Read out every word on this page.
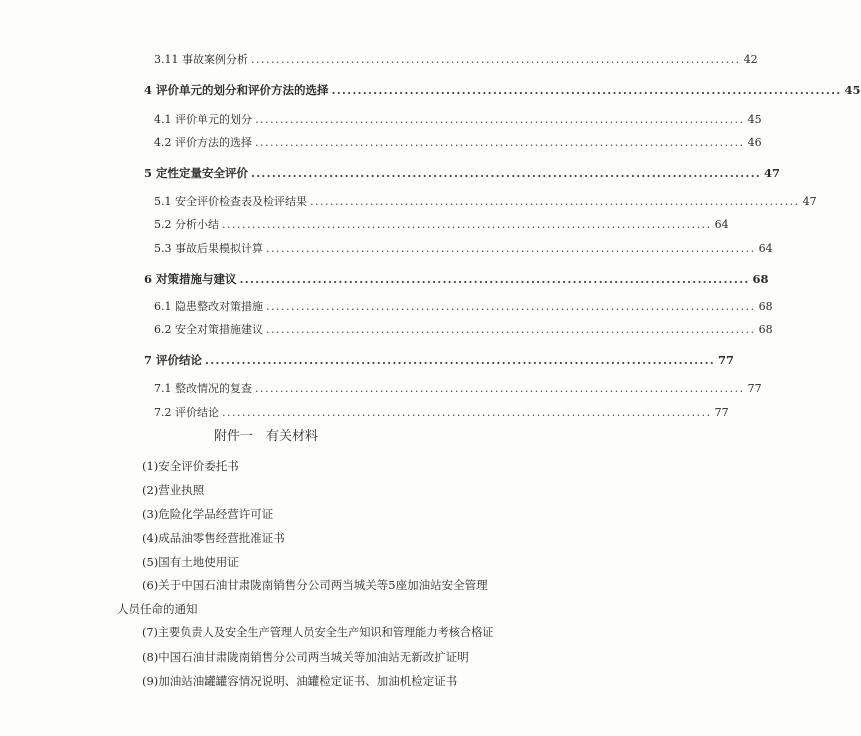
3.11 事故案例分析 .................................................................................................. 42
4 评价单元的划分和评价方法的选择 .................................................................................................. 45
4.1 评价单元的划分 .................................................................................................. 45
4.2 评价方法的选择 .................................................................................................. 46
5 定性定量安全评价 .................................................................................................. 47
5.1 安全评价检查表及检评结果 .................................................................................................. 47
5.2 分析小结 .................................................................................................. 64
5.3 事故后果模拟计算 .................................................................................................. 64
6 对策措施与建议 .................................................................................................. 68
6.1 隐患整改对策措施 .................................................................................................. 68
6.2 安全对策措施建议 .................................................................................................. 68
7 评价结论 .................................................................................................. 77
7.1 整改情况的复查 .................................................................................................. 77
7.2 评价结论 .................................................................................................. 77
附件一　有关材料
(1)安全评价委托书
(2)营业执照
(3)危险化学品经营许可证
(4)成品油零售经营批准证书
(5)国有土地使用证
(6)关于中国石油甘肃陇南销售分公司两当城关等5座加油站安全管理
人员任命的通知
(7)主要负责人及安全生产管理人员安全生产知识和管理能力考核合格证
(8)中国石油甘肃陇南销售分公司两当城关等加油站无新改扩证明
(9)加油站油罐罐容情况说明、油罐检定证书、加油机检定证书
